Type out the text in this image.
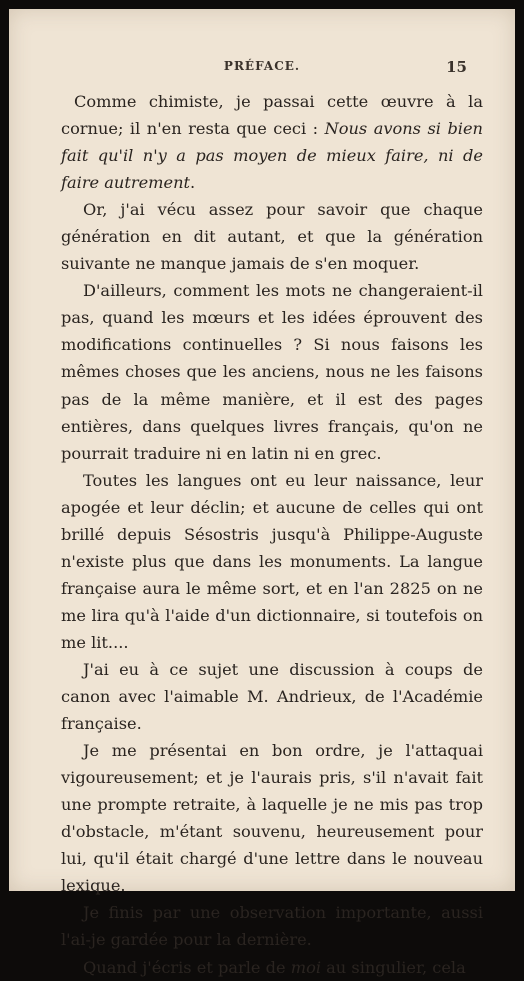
PRÉFACE.	15

Comme chimiste, je passai cette œuvre à la cornue; il n'en resta que ceci : Nous avons si bien fait qu'il n'y a pas moyen de mieux faire, ni de faire autrement.

Or, j'ai vécu assez pour savoir que chaque génération en dit autant, et que la génération suivante ne manque jamais de s'en moquer.

D'ailleurs, comment les mots ne changeraient-il pas, quand les mœurs et les idées éprouvent des modifications continuelles ? Si nous faisons les mêmes choses que les anciens, nous ne les faisons pas de la même manière, et il est des pages entières, dans quelques livres français, qu'on ne pourrait traduire ni en latin ni en grec.

Toutes les langues ont eu leur naissance, leur apogée et leur déclin; et aucune de celles qui ont brillé depuis Sésostris jusqu'à Philippe-Auguste n'existe plus que dans les monuments. La langue française aura le même sort, et en l'an 2825 on ne me lira qu'à l'aide d'un dictionnaire, si toutefois on me lit....

J'ai eu à ce sujet une discussion à coups de canon avec l'aimable M. Andrieux, de l'Académie française.

Je me présentai en bon ordre, je l'attaquai vigoureusement; et je l'aurais pris, s'il n'avait fait une prompte retraite, à laquelle je ne mis pas trop d'obstacle, m'étant souvenu, heureusement pour lui, qu'il était chargé d'une lettre dans le nouveau lexique.

Je finis par une observation importante, aussi l'ai-je gardée pour la dernière.

Quand j'écris et parle de moi au singulier, cela
